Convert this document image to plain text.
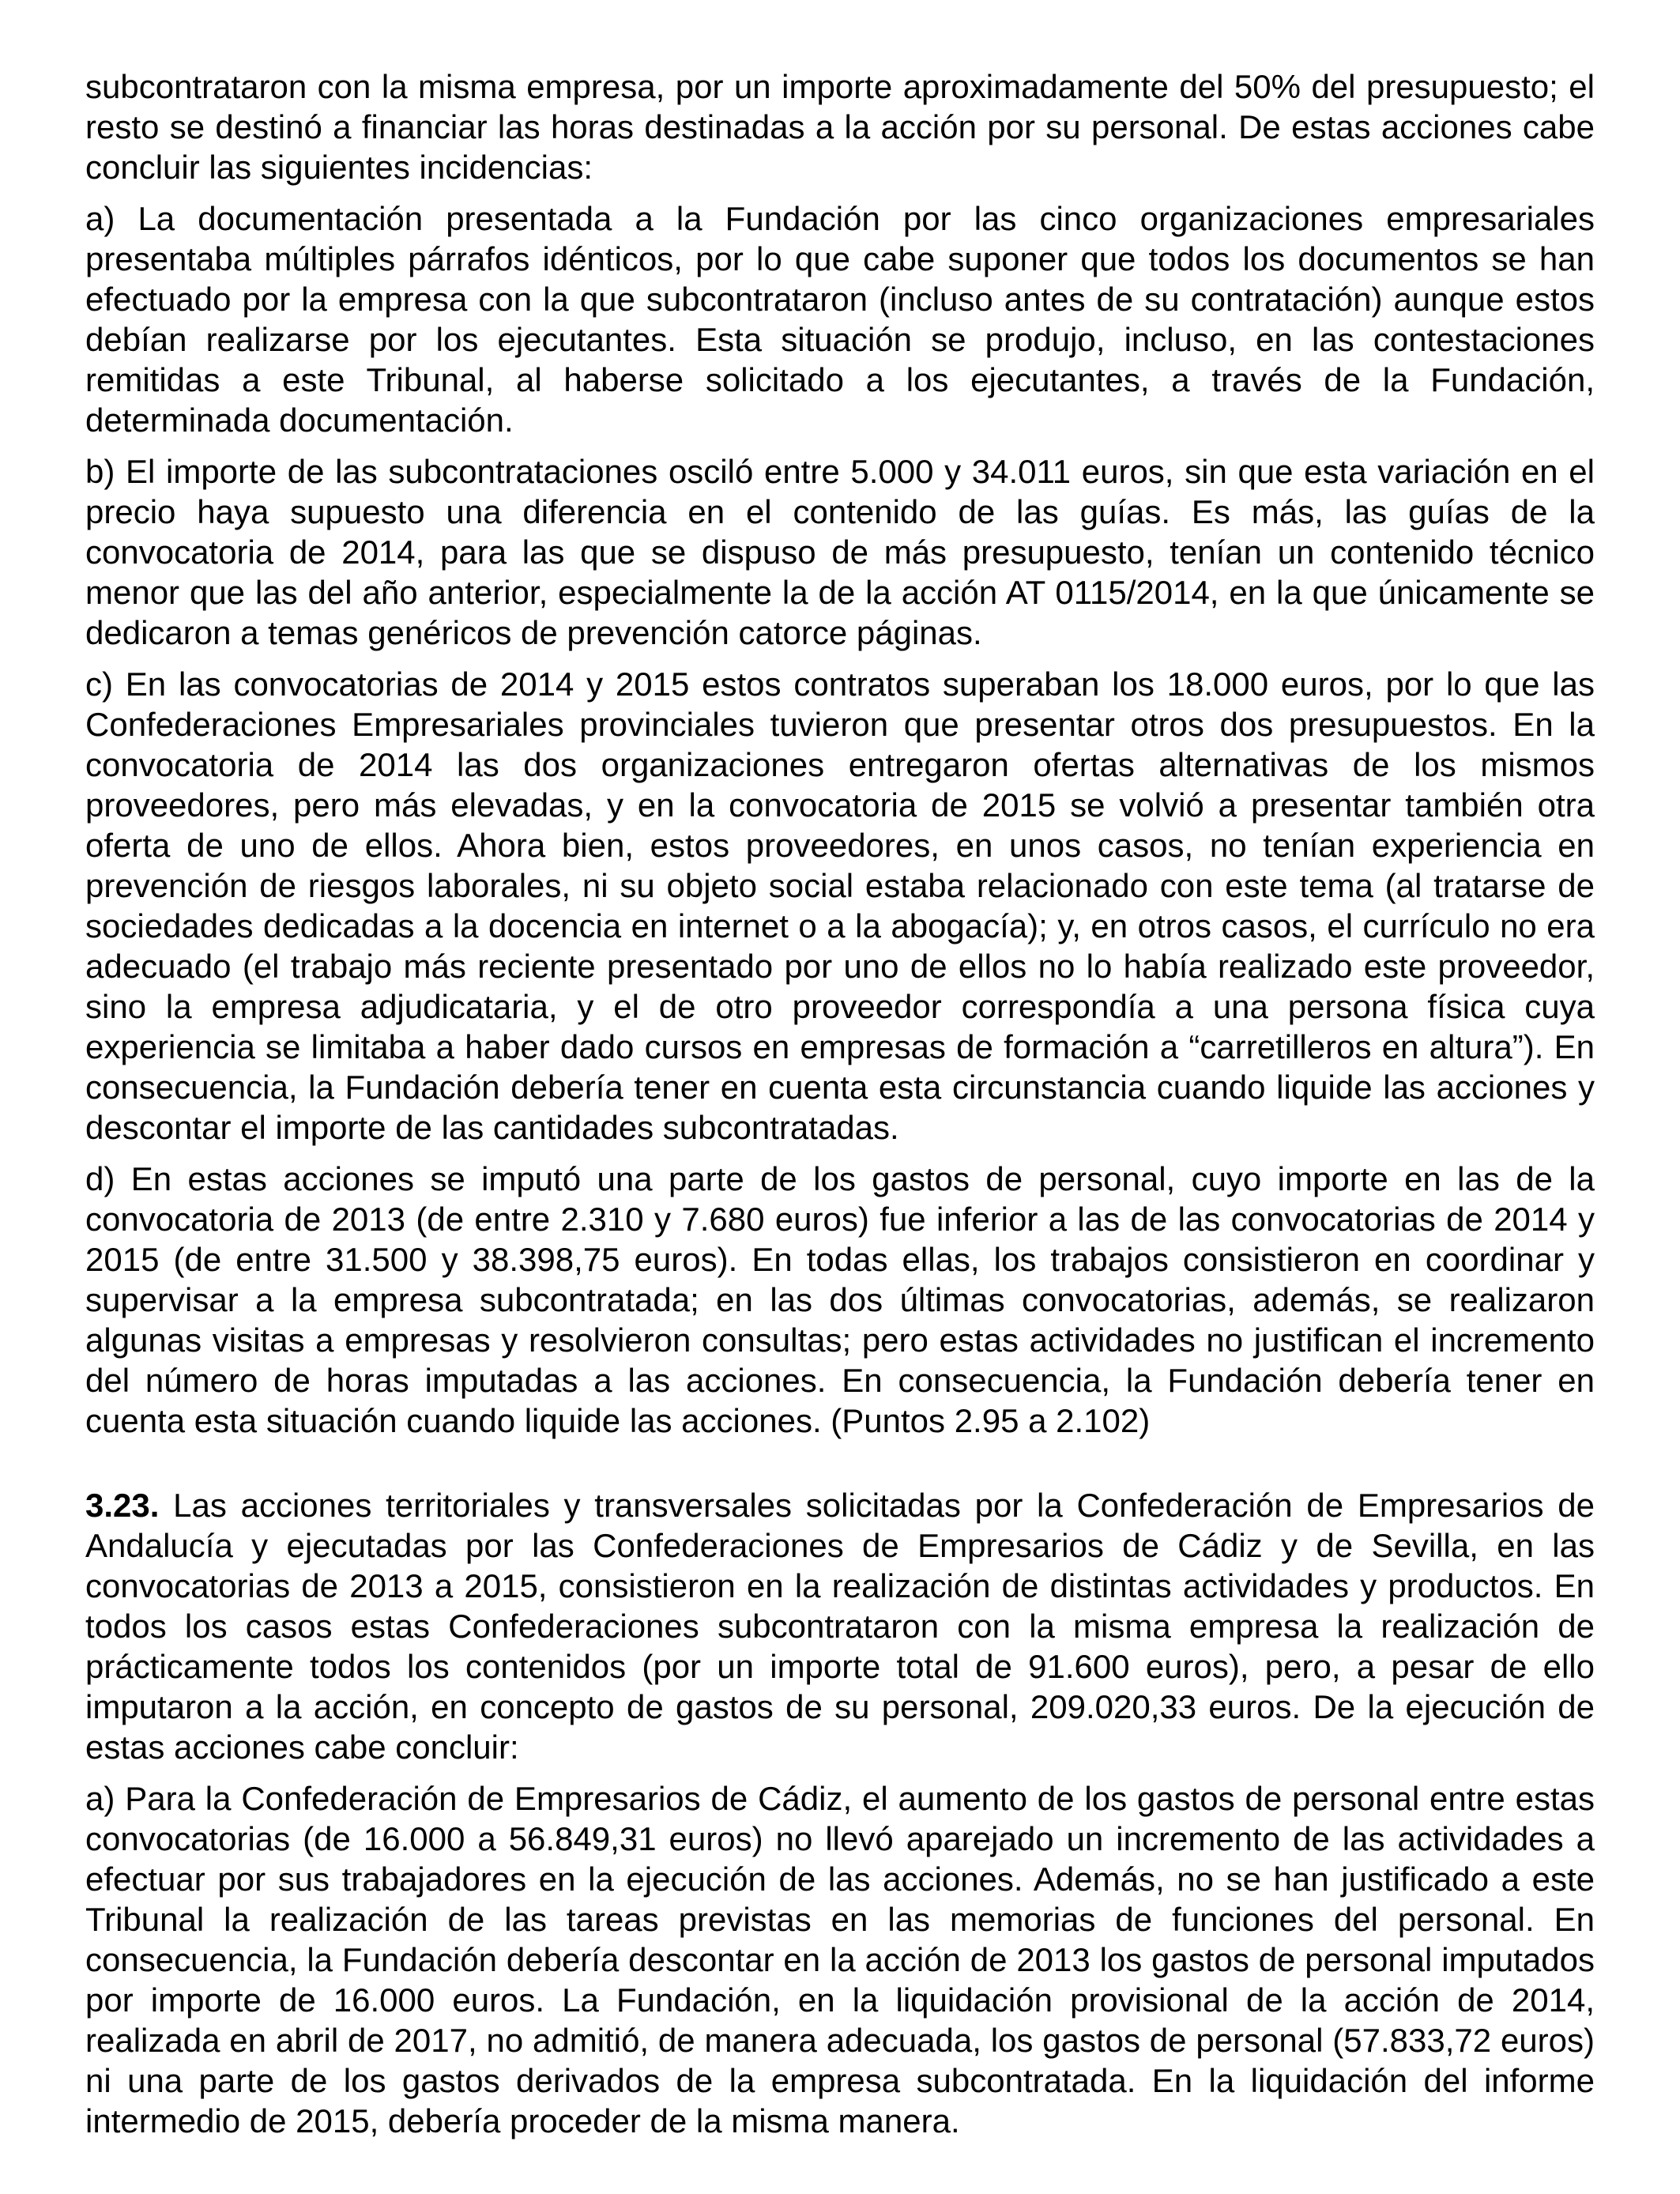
subcontrataron con la misma empresa, por un importe aproximadamente del 50% del presupuesto; el resto se destinó a financiar las horas destinadas a la acción por su personal. De estas acciones cabe concluir las siguientes incidencias:

a) La documentación presentada a la Fundación por las cinco organizaciones empresariales presentaba múltiples párrafos idénticos, por lo que cabe suponer que todos los documentos se han efectuado por la empresa con la que subcontrataron (incluso antes de su contratación) aunque estos debían realizarse por los ejecutantes. Esta situación se produjo, incluso, en las contestaciones remitidas a este Tribunal, al haberse solicitado a los ejecutantes, a través de la Fundación, determinada documentación.

b) El importe de las subcontrataciones osciló entre 5.000 y 34.011 euros, sin que esta variación en el precio haya supuesto una diferencia en el contenido de las guías. Es más, las guías de la convocatoria de 2014, para las que se dispuso de más presupuesto, tenían un contenido técnico menor que las del año anterior, especialmente la de la acción AT 0115/2014, en la que únicamente se dedicaron a temas genéricos de prevención catorce páginas.

c) En las convocatorias de 2014 y 2015 estos contratos superaban los 18.000 euros, por lo que las Confederaciones Empresariales provinciales tuvieron que presentar otros dos presupuestos. En la convocatoria de 2014 las dos organizaciones entregaron ofertas alternativas de los mismos proveedores, pero más elevadas, y en la convocatoria de 2015 se volvió a presentar también otra oferta de uno de ellos. Ahora bien, estos proveedores, en unos casos, no tenían experiencia en prevención de riesgos laborales, ni su objeto social estaba relacionado con este tema (al tratarse de sociedades dedicadas a la docencia en internet o a la abogacía); y, en otros casos, el currículo no era adecuado (el trabajo más reciente presentado por uno de ellos no lo había realizado este proveedor, sino la empresa adjudicataria, y el de otro proveedor correspondía a una persona física cuya experiencia se limitaba a haber dado cursos en empresas de formación a “carretilleros en altura”). En consecuencia, la Fundación debería tener en cuenta esta circunstancia cuando liquide las acciones y descontar el importe de las cantidades subcontratadas.

d) En estas acciones se imputó una parte de los gastos de personal, cuyo importe en las de la convocatoria de 2013 (de entre 2.310 y 7.680 euros) fue inferior a las de las convocatorias de 2014 y 2015 (de entre 31.500 y 38.398,75 euros). En todas ellas, los trabajos consistieron en coordinar y supervisar a la empresa subcontratada; en las dos últimas convocatorias, además, se realizaron algunas visitas a empresas y resolvieron consultas; pero estas actividades no justifican el incremento del número de horas imputadas a las acciones. En consecuencia, la Fundación debería tener en cuenta esta situación cuando liquide las acciones. (Puntos 2.95 a 2.102)

3.23. Las acciones territoriales y transversales solicitadas por la Confederación de Empresarios de Andalucía y ejecutadas por las Confederaciones de Empresarios de Cádiz y de Sevilla, en las convocatorias de 2013 a 2015, consistieron en la realización de distintas actividades y productos. En todos los casos estas Confederaciones subcontrataron con la misma empresa la realización de prácticamente todos los contenidos (por un importe total de 91.600 euros), pero, a pesar de ello imputaron a la acción, en concepto de gastos de su personal, 209.020,33 euros. De la ejecución de estas acciones cabe concluir:

a) Para la Confederación de Empresarios de Cádiz, el aumento de los gastos de personal entre estas convocatorias (de 16.000 a 56.849,31 euros) no llevó aparejado un incremento de las actividades a efectuar por sus trabajadores en la ejecución de las acciones. Además, no se han justificado a este Tribunal la realización de las tareas previstas en las memorias de funciones del personal. En consecuencia, la Fundación debería descontar en la acción de 2013 los gastos de personal imputados por importe de 16.000 euros. La Fundación, en la liquidación provisional de la acción de 2014, realizada en abril de 2017, no admitió, de manera adecuada, los gastos de personal (57.833,72 euros) ni una parte de los gastos derivados de la empresa subcontratada. En la liquidación del informe intermedio de 2015, debería proceder de la misma manera.
